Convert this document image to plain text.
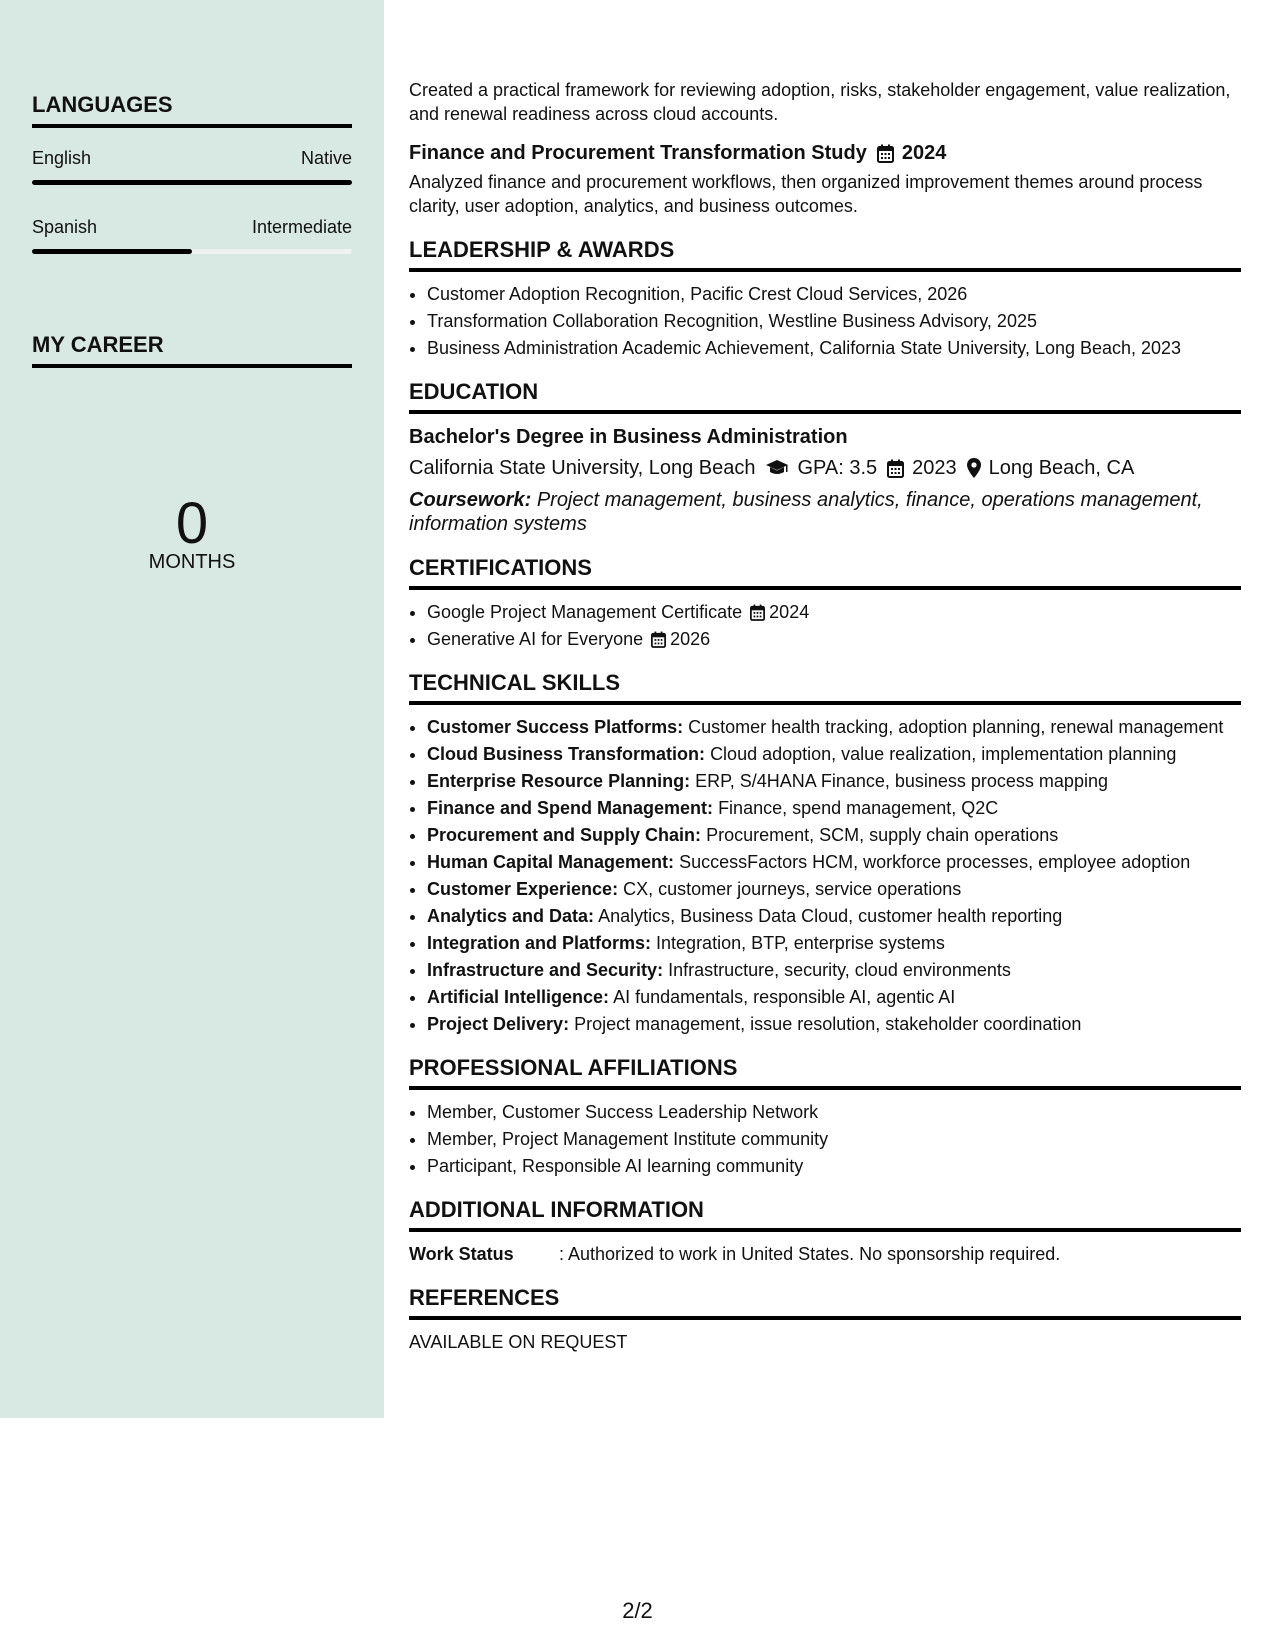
LANGUAGES
English	Native
Spanish	Intermediate
MY CAREER
0
MONTHS

Created a practical framework for reviewing adoption, risks, stakeholder engagement, value realization, and renewal readiness across cloud accounts.

Finance and Procurement Transformation Study 2024

Analyzed finance and procurement workflows, then organized improvement themes around process clarity, user adoption, analytics, and business outcomes.

LEADERSHIP & AWARDS
• Customer Adoption Recognition, Pacific Crest Cloud Services, 2026
• Transformation Collaboration Recognition, Westline Business Advisory, 2025
• Business Administration Academic Achievement, California State University, Long Beach, 2023
EDUCATION
Bachelor's Degree in Business Administration
California State University, Long Beach GPA: 3.5 2023 Long Beach, CA
Coursework: Project management, business analytics, finance, operations management, information systems
CERTIFICATIONS
• Google Project Management Certificate 2024
• Generative AI for Everyone 2026
TECHNICAL SKILLS
• Customer Success Platforms: Customer health tracking, adoption planning, renewal management
• Cloud Business Transformation: Cloud adoption, value realization, implementation planning
• Enterprise Resource Planning: ERP, S/4HANA Finance, business process mapping
• Finance and Spend Management: Finance, spend management, Q2C
• Procurement and Supply Chain: Procurement, SCM, supply chain operations
• Human Capital Management: SuccessFactors HCM, workforce processes, employee adoption
• Customer Experience: CX, customer journeys, service operations
• Analytics and Data: Analytics, Business Data Cloud, customer health reporting
• Integration and Platforms: Integration, BTP, enterprise systems
• Infrastructure and Security: Infrastructure, security, cloud environments
• Artificial Intelligence: AI fundamentals, responsible AI, agentic AI
• Project Delivery: Project management, issue resolution, stakeholder coordination
PROFESSIONAL AFFILIATIONS
• Member, Customer Success Leadership Network
• Member, Project Management Institute community
• Participant, Responsible AI learning community
ADDITIONAL INFORMATION
Work Status	: Authorized to work in United States. No sponsorship required.
REFERENCES
AVAILABLE ON REQUEST
2/2
